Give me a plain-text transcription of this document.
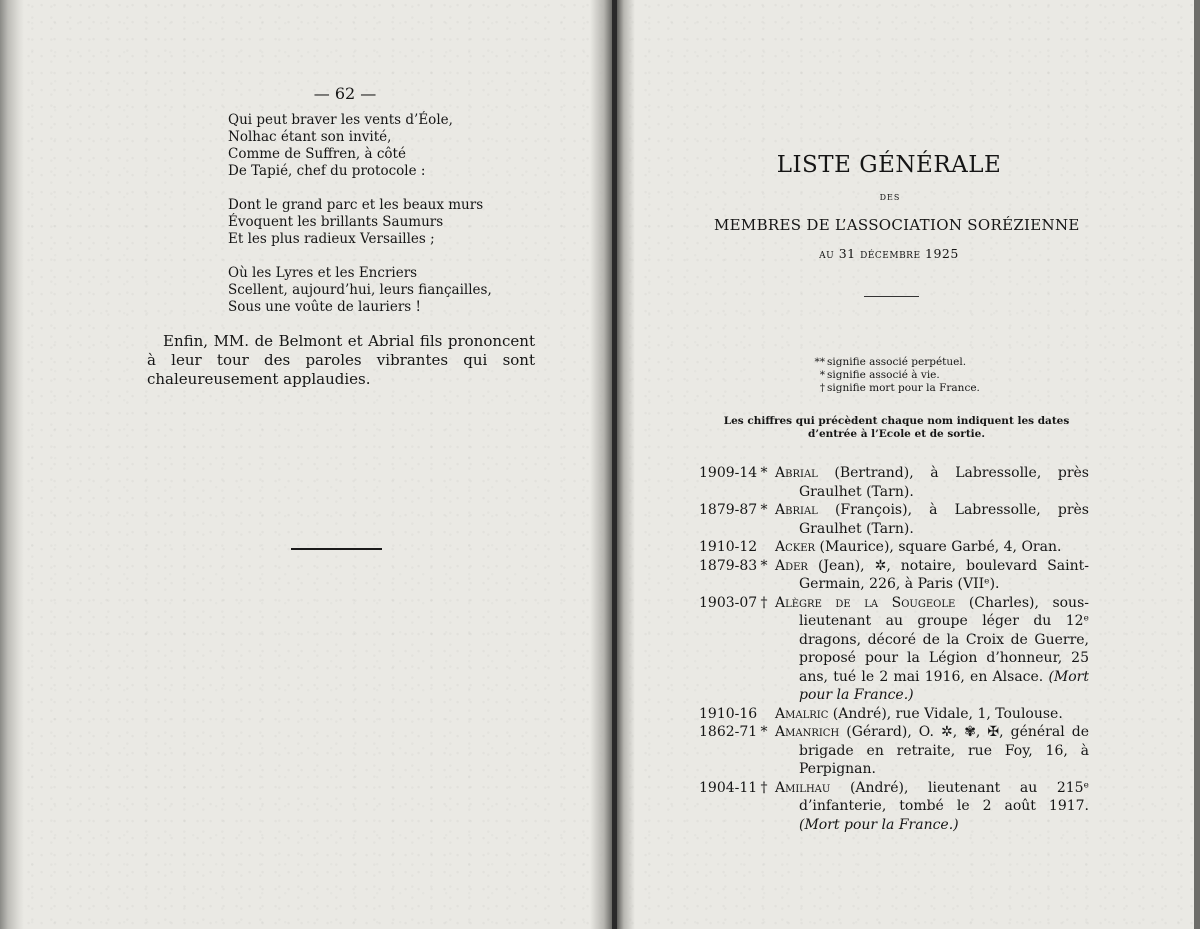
— 62 —
Qui peut braver les vents d’Éole,
Nolhac étant son invité,
Comme de Suffren, à côté
De Tapié, chef du protocole :
Dont le grand parc et les beaux murs
Évoquent les brillants Saumurs
Et les plus radieux Versailles ;
Où les Lyres et les Encriers
Scellent, aujourd’hui, leurs fiançailles,
Sous une voûte de lauriers !
Enfin, MM. de Belmont et Abrial fils prononcent à leur tour des paroles vibrantes qui sont chaleureusement applaudies.
LISTE GÉNÉRALE
DES
MEMBRES DE L’ASSOCIATION SORÉZIENNE
au 31 décembre 1925
** signifie associé perpétuel.
* signifie associé à vie.
† signifie mort pour la France.
Les chiffres qui précèdent chaque nom indiquent les dates d’entrée à l’Ecole et de sortie.
1909-14 * Abrial (Bertrand), à Labressolle, près Graulhet (Tarn).
1879-87 * Abrial (François), à Labressolle, près Graulhet (Tarn).
1910-12 Acker (Maurice), square Garbé, 4, Oran.
1879-83 * Ader (Jean), ✲, notaire, boulevard Saint-Germain, 226, à Paris (VIIᵉ).
1903-07 † Alègre de la Sougeole (Charles), sous-lieutenant au groupe léger du 12ᵉ dragons, décoré de la Croix de Guerre, proposé pour la Légion d’honneur, 25 ans, tué le 2 mai 1916, en Alsace. (Mort pour la France.)
1910-16 Amalric (André), rue Vidale, 1, Toulouse.
1862-71 * Amanrich (Gérard), O. ✲, ✾, ✠, général de brigade en retraite, rue Foy, 16, à Perpignan.
1904-11 † Amilhau (André), lieutenant au 215ᵉ d’infanterie, tombé le 2 août 1917. (Mort pour la France.)
